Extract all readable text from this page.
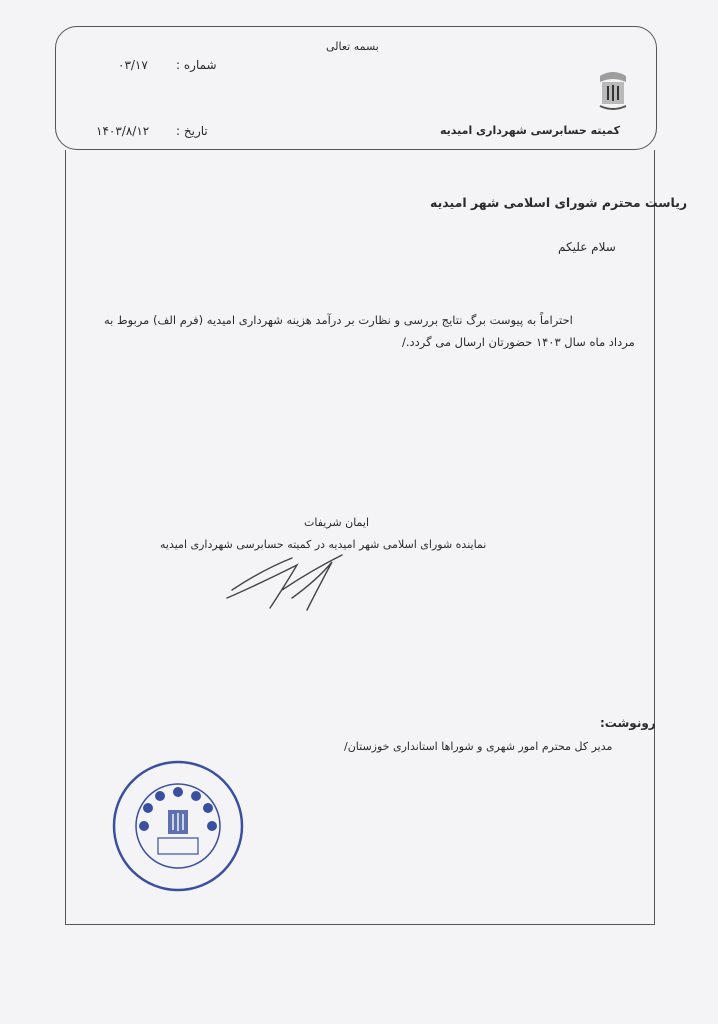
بسمه تعالی
شماره :
۰۳/۱۷
تاریخ :
۱۴۰۳/۸/۱۲	کمیته حسابرسی شهرداری امیدیه
ریاست محترم شورای اسلامی شهر امیدیه
سلام علیکم
احتراماً به پیوست برگ نتایج بررسی و نظارت بر درآمد هزینه شهرداری امیدیه (فرم الف) مربوط به
مرداد ماه سال ۱۴۰۳ حضورتان ارسال می گردد./
ایمان شریفات
نماینده شورای اسلامی شهر امیدیه در کمیته حسابرسی شهرداری امیدیه
رونوشت:
مدیر کل محترم امور شهری و شوراها استانداری خوزستان/
